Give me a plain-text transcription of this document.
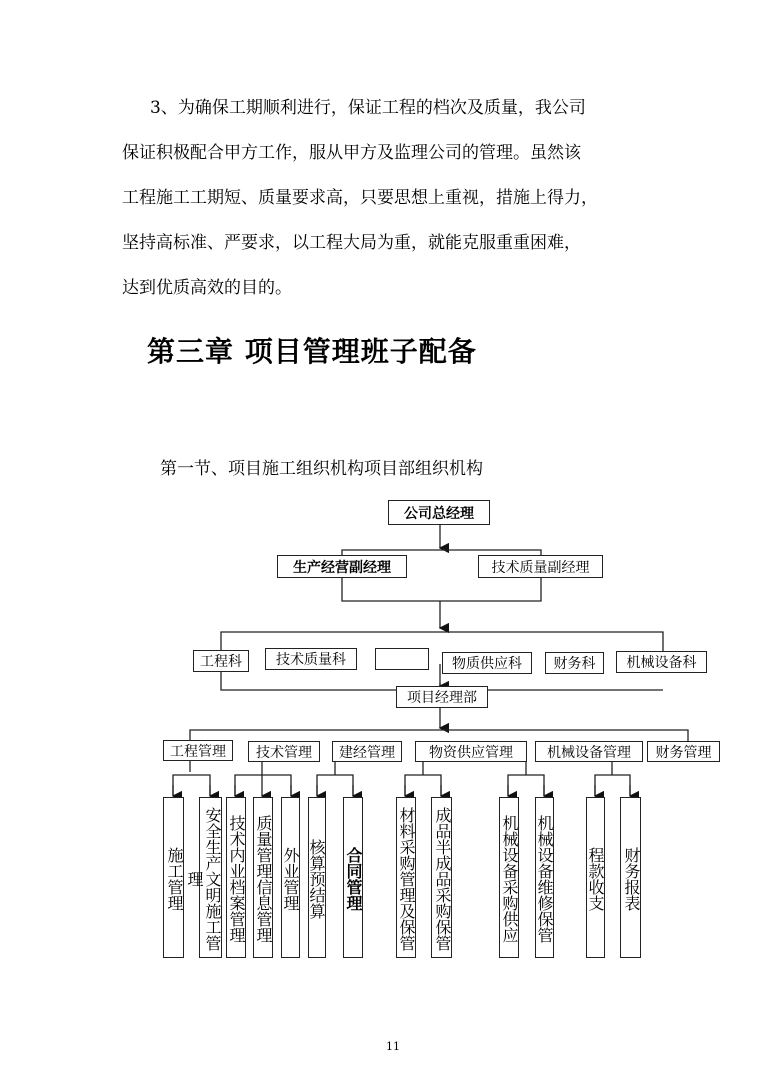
3、为确保工期顺利进行，保证工程的档次及质量，我公司

保证积极配合甲方工作，服从甲方及监理公司的管理。虽然该

工程施工工期短、质量要求高，只要思想上重视，措施上得力，

坚持高标准、严要求，以工程大局为重，就能克服重重困难，

达到优质高效的目的。

第三章 项目管理班子配备
第一节、项目施工组织机构项目部组织机构
公司总经理
生产经营副经理	技术质量副经理
工程科	技术质量科	物质供应科	财务科	机械设备科
项目经理部
工程管理	技术管理	建经管理	物资供应管理	机械设备管理	财务管理
施工管理 安全生产文明施工管理	技术内业档案管理 质量管理信息管理 外业管理 核算预结算 合同管理 材料采购管理及保管 成品半成品采购保管	机械设备采购供应 机械设备维修保管 程款收支 财务报表
11
